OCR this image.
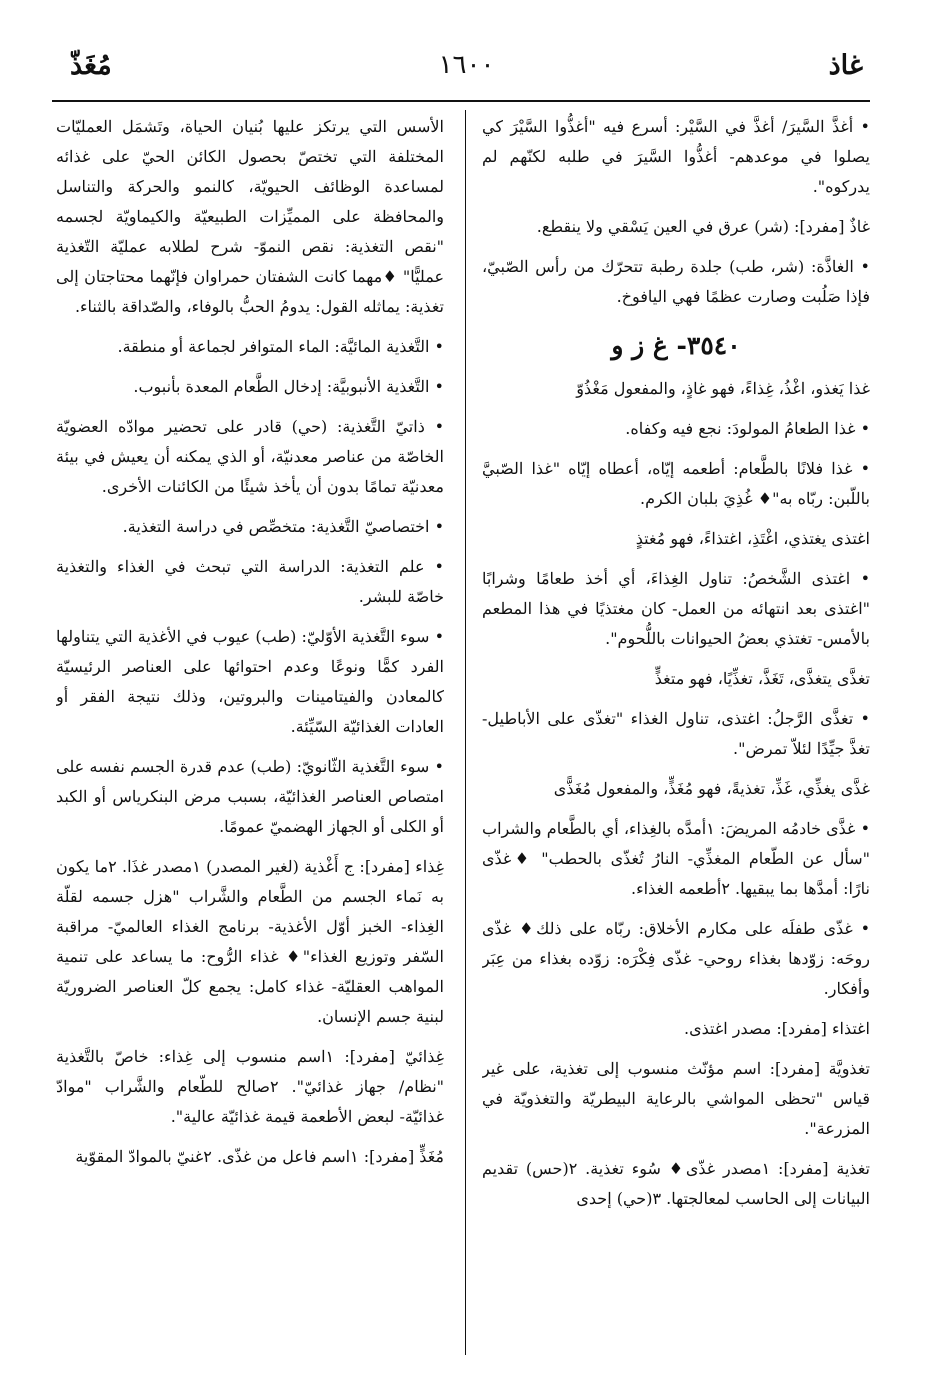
غاذ
١٦٠٠
مُغَذّ

• أغذَّ السَّيرَ/ أغذَّ في السَّيْر: أسرع فيه "أغذُّوا السَّيْرَ كي يصلوا في موعدهم- أغذُّوا السَّيرَ في طلبه لكنّهم لم يدركوه".

غاذٌ [مفرد]: (شر) عرق في العين يَسْقي ولا ينقطع.

• الغاذَّة: (شر، طب) جلدة رطبة تتحرّك من رأس الصّبيّ، فإذا صَلُبت وصارت عظمًا فهي اليافوخ.

٣٥٤٠- غ ز و

غذا يَغذو، اغْذُ، غِذاءً، فهو غاذٍ، والمفعول مَغْذُوّ

• غذا الطعامُ المولودَ: نجع فيه وكفاه.

• غذا فلانًا بالطَّعام: أطعمه إيّاه، أعطاه إيّاه "غذا الصّبيَّ باللّبن: ربّاه به"♦ غُذِيَ بلبان الكرم.

اغتذى يغتذي، اغْتَذِ، اغتذاءً، فهو مُغتذٍ

• اغتذى الشَّخصُ: تناول الغِذاءَ، أي أخذ طعامًا وشرابًا "اغتذى بعد انتهائه من العمل- كان مغتذيًا في هذا المطعم بالأمس- تغتذي بعضُ الحيوانات باللُّحوم".

تغذَّى يتغذَّى، تَغَذَّ، تغذِّيًا، فهو متغذٍّ

• تغذَّى الرَّجلُ: اغتذى، تناول الغذاء "تغذّى على الأباطيل- تغذَّ جيِّدًا لئلاّ تمرض".

غذَّى يغذِّي، غَذِّ، تغذيةً، فهو مُغَذٍّ، والمفعول مُغَذًّى

• غذَّى خادمُه المريضَ: ١أمدَّه بالغِذاء، أي بالطَّعام والشراب "سأل عن الطّعام المغذِّي- النارُ تُغذّى بالحطب" ♦غذّى نارًا: أمدَّها بما يبقيها. ٢أطعمه الغذاء.

• غذّى طفلَه على مكارم الأخلاق: ربّاه على ذلك♦ غذّى روحَه: زوّدها بغذاء روحي- غذّى فِكْرَه: زوّده بغذاء من عِبَر وأفكار.

اغتذاء [مفرد]: مصدر اغتذى.

تغذويَّة [مفرد]: اسم مؤنّث منسوب إلى تغذية، على غير قياس "تحظى المواشي بالرعاية البيطريّة والتغذويّة في المزرعة".

تغذية [مفرد]: ١مصدر غذّى♦ سُوء تغذية. ٢(حس) تقديم البيانات إلى الحاسب لمعالجتها. ٣(حي) إحدى

الأسس التي يرتكز عليها بُنيان الحياة، وتَشمَل العمليّات المختلفة التي تختصّ بحصول الكائن الحيّ على غذائه لمساعدة الوظائف الحيويّة، كالنمو والحركة والتناسل والمحافظة على المميِّزات الطبيعيّة والكيماويّة لجسمه "نقص التغذية: نقص النموّ- شرح لطلابه عمليّة التّغذية عمليًّا" ♦مهما كانت الشفتان حمراوان فإنّهما محتاجتان إلى تغذية: يماثله القول: يدومُ الحبُّ بالوفاء، والصّداقة بالثناء.

• التَّغذية المائيَّة: الماء المتوافر لجماعة أو منطقة.

• التَّغذية الأنبوبيَّة: إدخال الطَّعام المعدة بأنبوب.

• ذاتيّ التَّغذية: (حي) قادر على تحضير موادّه العضويّة الخاصّة من عناصر معدنيّة، أو الذي يمكنه أن يعيش في بيئة معدنيّة تمامًا بدون أن يأخذ شيئًا من الكائنات الأخرى.

• اختصاصيّ التَّغذية: متخصِّص في دراسة التغذية.

• علم التغذية: الدراسة التي تبحث في الغذاء والتغذية خاصّة للبشر.

• سوء التَّغذية الأوّليّ: (طب) عيوب في الأغذية التي يتناولها الفرد كمًّا ونوعًا وعدم احتوائها على العناصر الرئيسيّة كالمعادن والفيتامينات والبروتين، وذلك نتيجة الفقر أو العادات الغذائيّة السّيِّئة.

• سوء التَّغذية الثّانويّ: (طب) عدم قدرة الجسم نفسه على امتصاص العناصر الغذائيّة، بسبب مرض البنكرياس أو الكبد أو الكلى أو الجهاز الهضميّ عمومًا.

غِذاء [مفرد]: ج أَغْذية (لغير المصدر) ١مصدر غذَا. ٢ما يكون به نَماء الجسم من الطَّعام والشَّراب "هزل جسمه لقلّة الغِذاء- الخبز أوّل الأغذية- برنامج الغذاء العالميّ- مراقبة السّفر وتوزيع الغذاء"♦ غذاء الرُّوح: ما يساعد على تنمية المواهب العقليّة- غذاء كامل: يجمع كلّ العناصر الضروريّة لبنية جسم الإنسان.

غِذائيّ [مفرد]: ١اسم منسوب إلى غِذاء: خاصّ بالتَّغذية "نظام/ جهاز غذائيّ". ٢صالح للطّعام والشَّراب "موادّ غذائيّة- لبعض الأطعمة قيمة غذائيّة عالية".

مُغَذٍّ [مفرد]: ١اسم فاعل من غذّى. ٢غنيّ بالموادّ المقوّية
